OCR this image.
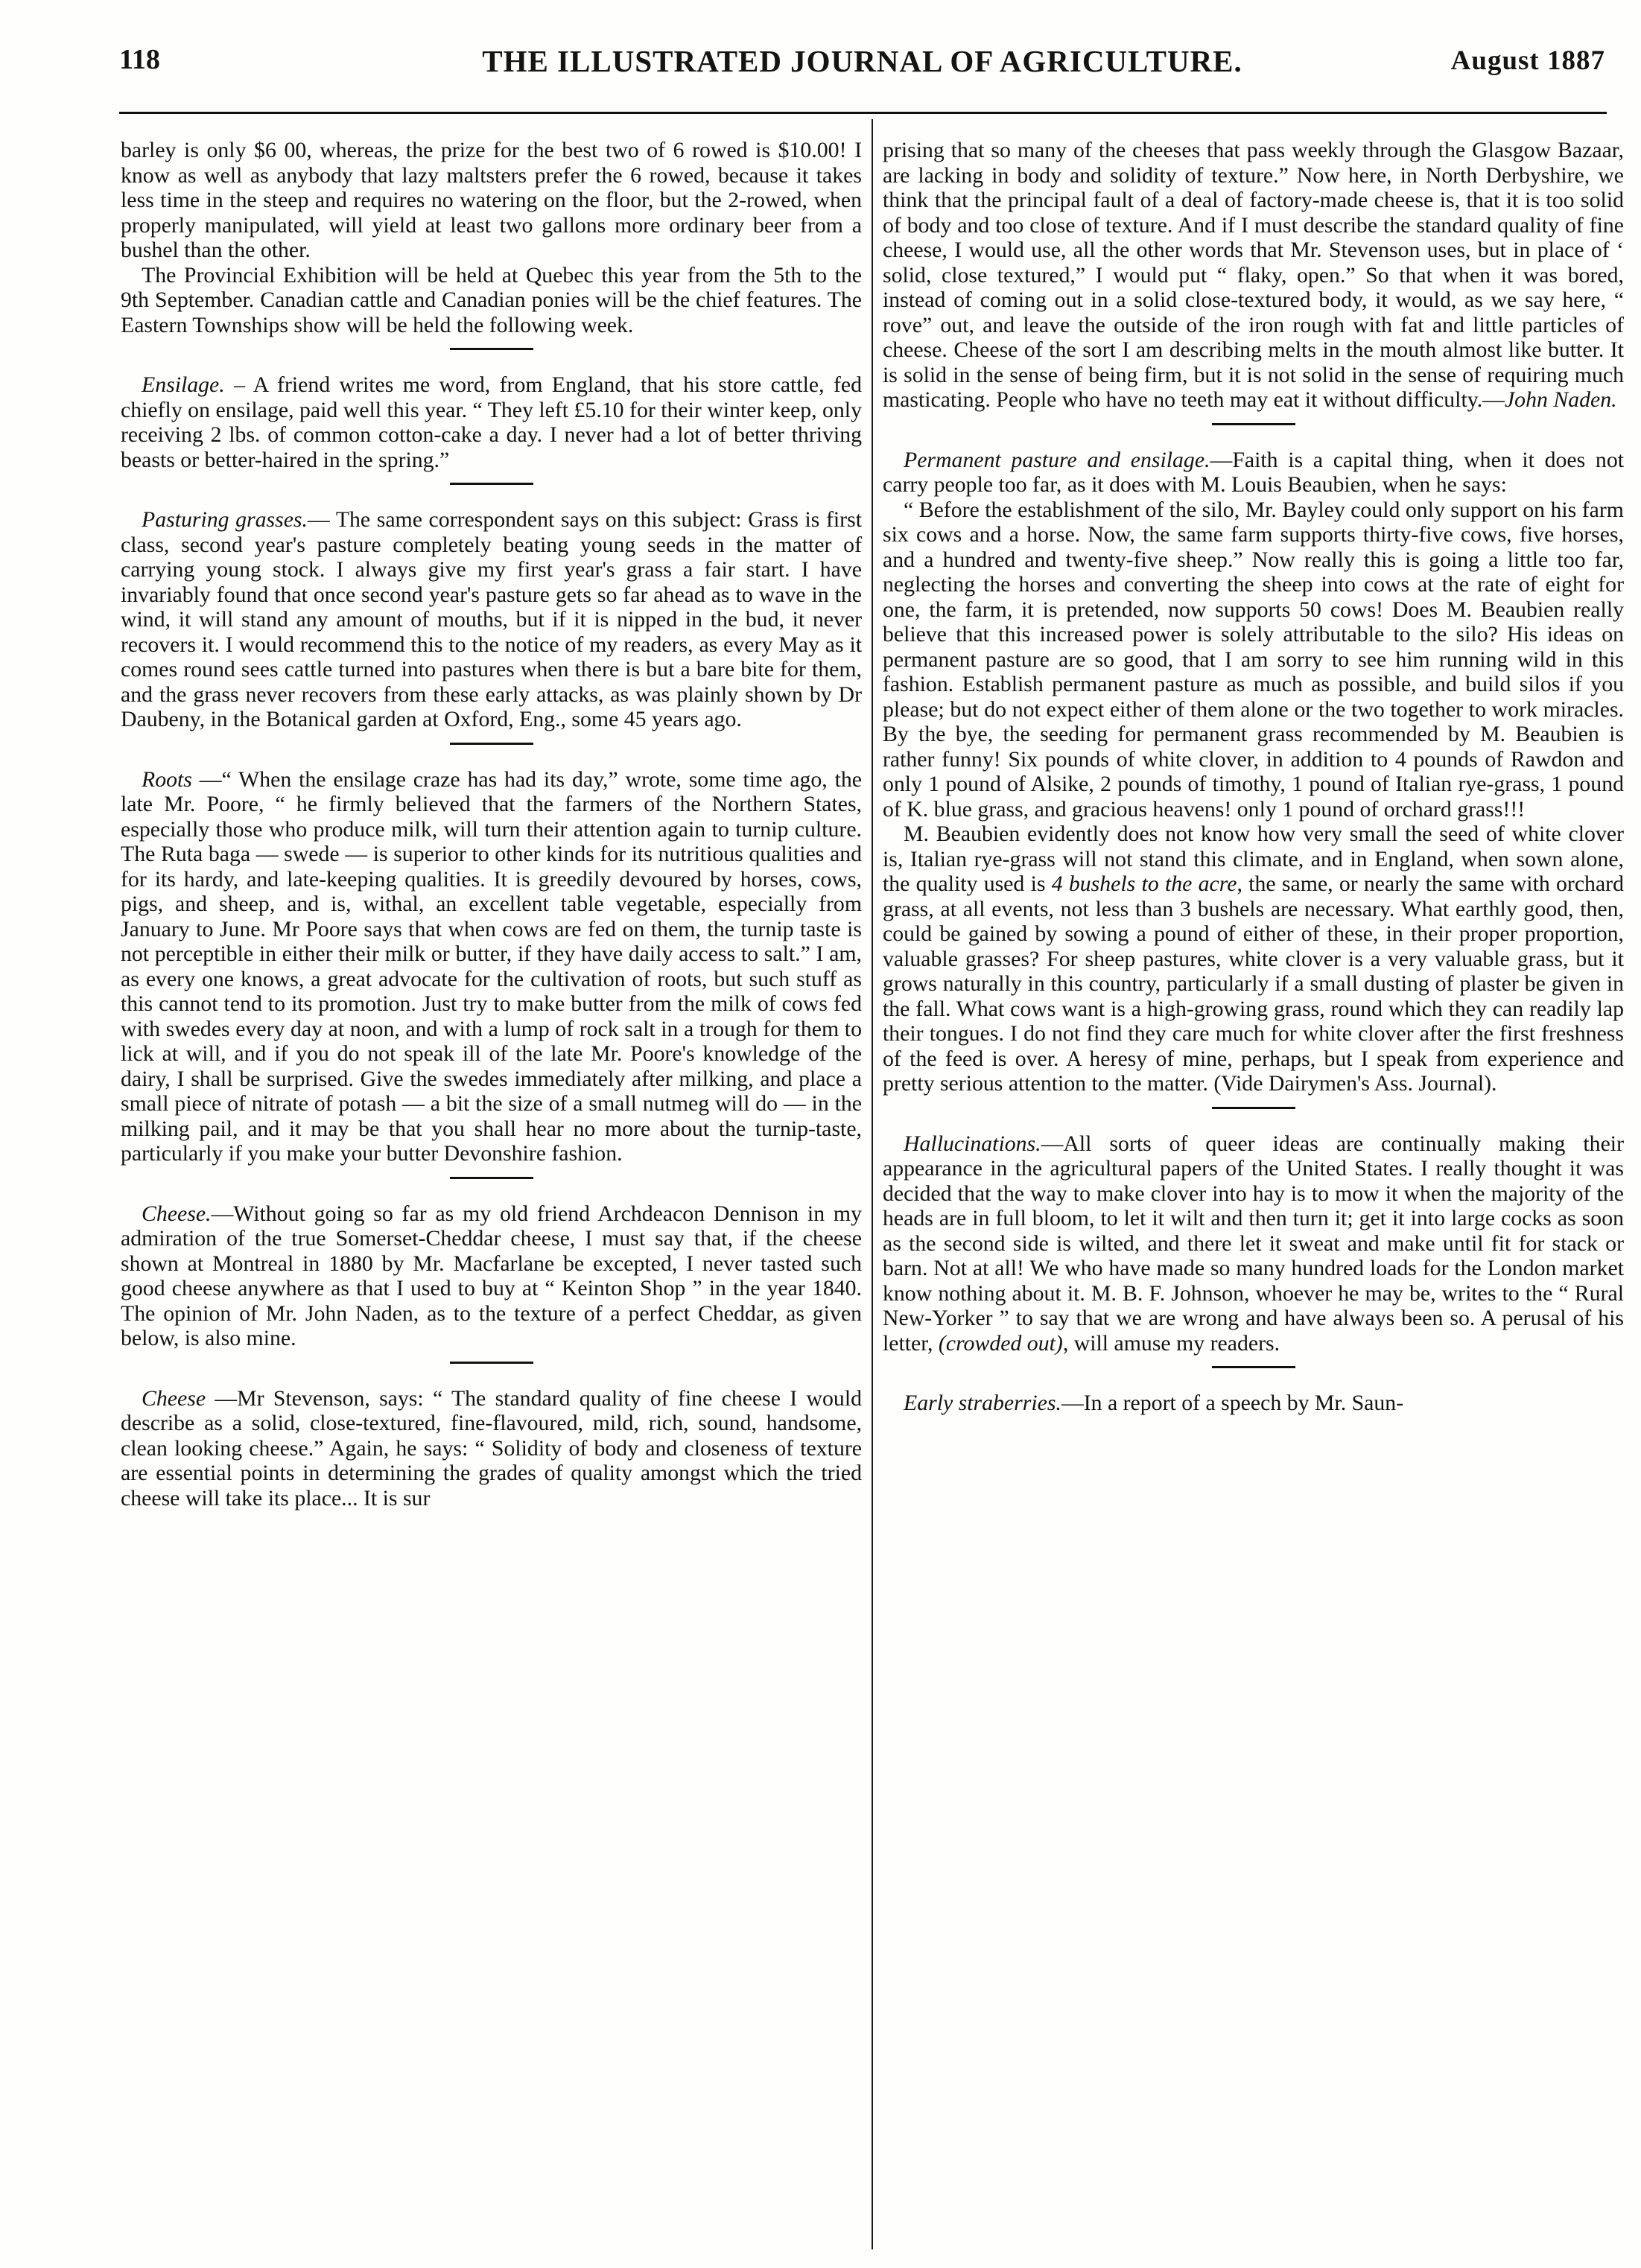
118	THE ILLUSTRATED JOURNAL OF AGRICULTURE.	August 1887

barley is only $6 00, whereas, the prize for the best two of 6 rowed is $10.00! I know as well as anybody that lazy maltsters prefer the 6 rowed, because it takes less time in the steep and requires no watering on the floor, but the 2-rowed, when properly manipulated, will yield at least two gallons more ordinary beer from a bushel than the other.

The Provincial Exhibition will be held at Quebec this year from the 5th to the 9th September. Canadian cattle and Canadian ponies will be the chief features. The Eastern Townships show will be held the following week.

Ensilage. – A friend writes me word, from England, that his store cattle, fed chiefly on ensilage, paid well this year. “ They left £5.10 for their winter keep, only receiving 2 lbs. of common cotton-cake a day. I never had a lot of better thriving beasts or better-haired in the spring.”

Pasturing grasses.— The same correspondent says on this subject: Grass is first class, second year's pasture completely beating young seeds in the matter of carrying young stock. I always give my first year's grass a fair start. I have invariably found that once second year's pasture gets so far ahead as to wave in the wind, it will stand any amount of mouths, but if it is nipped in the bud, it never recovers it. I would recommend this to the notice of my readers, as every May as it comes round sees cattle turned into pastures when there is but a bare bite for them, and the grass never recovers from these early attacks, as was plainly shown by Dr Daubeny, in the Botanical garden at Oxford, Eng., some 45 years ago.

Roots —“ When the ensilage craze has had its day,” wrote, some time ago, the late Mr. Poore, “ he firmly believed that the farmers of the Northern States, especially those who produce milk, will turn their attention again to turnip culture. The Ruta baga — swede — is superior to other kinds for its nutritious qualities and for its hardy, and late-keeping qualities. It is greedily devoured by horses, cows, pigs, and sheep, and is, withal, an excellent table vegetable, especially from January to June. Mr Poore says that when cows are fed on them, the turnip taste is not perceptible in either their milk or butter, if they have daily access to salt.” I am, as every one knows, a great advocate for the cultivation of roots, but such stuff as this cannot tend to its promotion. Just try to make butter from the milk of cows fed with swedes every day at noon, and with a lump of rock salt in a trough for them to lick at will, and if you do not speak ill of the late Mr. Poore's knowledge of the dairy, I shall be surprised. Give the swedes immediately after milking, and place a small piece of nitrate of potash — a bit the size of a small nutmeg will do — in the milking pail, and it may be that you shall hear no more about the turnip-taste, particularly if you make your butter Devonshire fashion.

Cheese.—Without going so far as my old friend Archdeacon Dennison in my admiration of the true Somerset-Cheddar cheese, I must say that, if the cheese shown at Montreal in 1880 by Mr. Macfarlane be excepted, I never tasted such good cheese anywhere as that I used to buy at “ Keinton Shop ” in the year 1840. The opinion of Mr. John Naden, as to the texture of a perfect Cheddar, as given below, is also mine.

Cheese —Mr Stevenson, says: “ The standard quality of fine cheese I would describe as a solid, close-textured, fine-flavoured, mild, rich, sound, handsome, clean looking cheese.” Again, he says: “ Solidity of body and closeness of texture are essential points in determining the grades of quality amongst which the tried cheese will take its place... It is sur

prising that so many of the cheeses that pass weekly through the Glasgow Bazaar, are lacking in body and solidity of texture.” Now here, in North Derbyshire, we think that the principal fault of a deal of factory-made cheese is, that it is too solid of body and too close of texture. And if I must describe the standard quality of fine cheese, I would use, all the other words that Mr. Stevenson uses, but in place of ‘ solid, close textured,” I would put “ flaky, open.” So that when it was bored, instead of coming out in a solid close-textured body, it would, as we say here, “ rove” out, and leave the outside of the iron rough with fat and little particles of cheese. Cheese of the sort I am describing melts in the mouth almost like butter. It is solid in the sense of being firm, but it is not solid in the sense of requiring much masticating. People who have no teeth may eat it without difficulty.—John Naden.

Permanent pasture and ensilage.—Faith is a capital thing, when it does not carry people too far, as it does with M. Louis Beaubien, when he says:

“ Before the establishment of the silo, Mr. Bayley could only support on his farm six cows and a horse. Now, the same farm supports thirty-five cows, five horses, and a hundred and twenty-five sheep.” Now really this is going a little too far, neglecting the horses and converting the sheep into cows at the rate of eight for one, the farm, it is pretended, now supports 50 cows! Does M. Beaubien really believe that this increased power is solely attributable to the silo? His ideas on permanent pasture are so good, that I am sorry to see him running wild in this fashion. Establish permanent pasture as much as possible, and build silos if you please; but do not expect either of them alone or the two together to work miracles. By the bye, the seeding for permanent grass recommended by M. Beaubien is rather funny! Six pounds of white clover, in addition to 4 pounds of Rawdon and only 1 pound of Alsike, 2 pounds of timothy, 1 pound of Italian rye-grass, 1 pound of K. blue grass, and gracious heavens! only 1 pound of orchard grass!!!

M. Beaubien evidently does not know how very small the seed of white clover is, Italian rye-grass will not stand this climate, and in England, when sown alone, the quality used is 4 bushels to the acre, the same, or nearly the same with orchard grass, at all events, not less than 3 bushels are necessary. What earthly good, then, could be gained by sowing a pound of either of these, in their proper proportion, valuable grasses? For sheep pastures, white clover is a very valuable grass, but it grows naturally in this country, particularly if a small dusting of plaster be given in the fall. What cows want is a high-growing grass, round which they can readily lap their tongues. I do not find they care much for white clover after the first freshness of the feed is over. A heresy of mine, perhaps, but I speak from experience and pretty serious attention to the matter. (Vide Dairymen's Ass. Journal).

Hallucinations.—All sorts of queer ideas are continually making their appearance in the agricultural papers of the United States. I really thought it was decided that the way to make clover into hay is to mow it when the majority of the heads are in full bloom, to let it wilt and then turn it; get it into large cocks as soon as the second side is wilted, and there let it sweat and make until fit for stack or barn. Not at all! We who have made so many hundred loads for the London market know nothing about it. M. B. F. Johnson, whoever he may be, writes to the “ Rural New-Yorker ” to say that we are wrong and have always been so. A perusal of his letter, (crowded out), will amuse my readers.

Early straberries.—In a report of a speech by Mr. Saun-
